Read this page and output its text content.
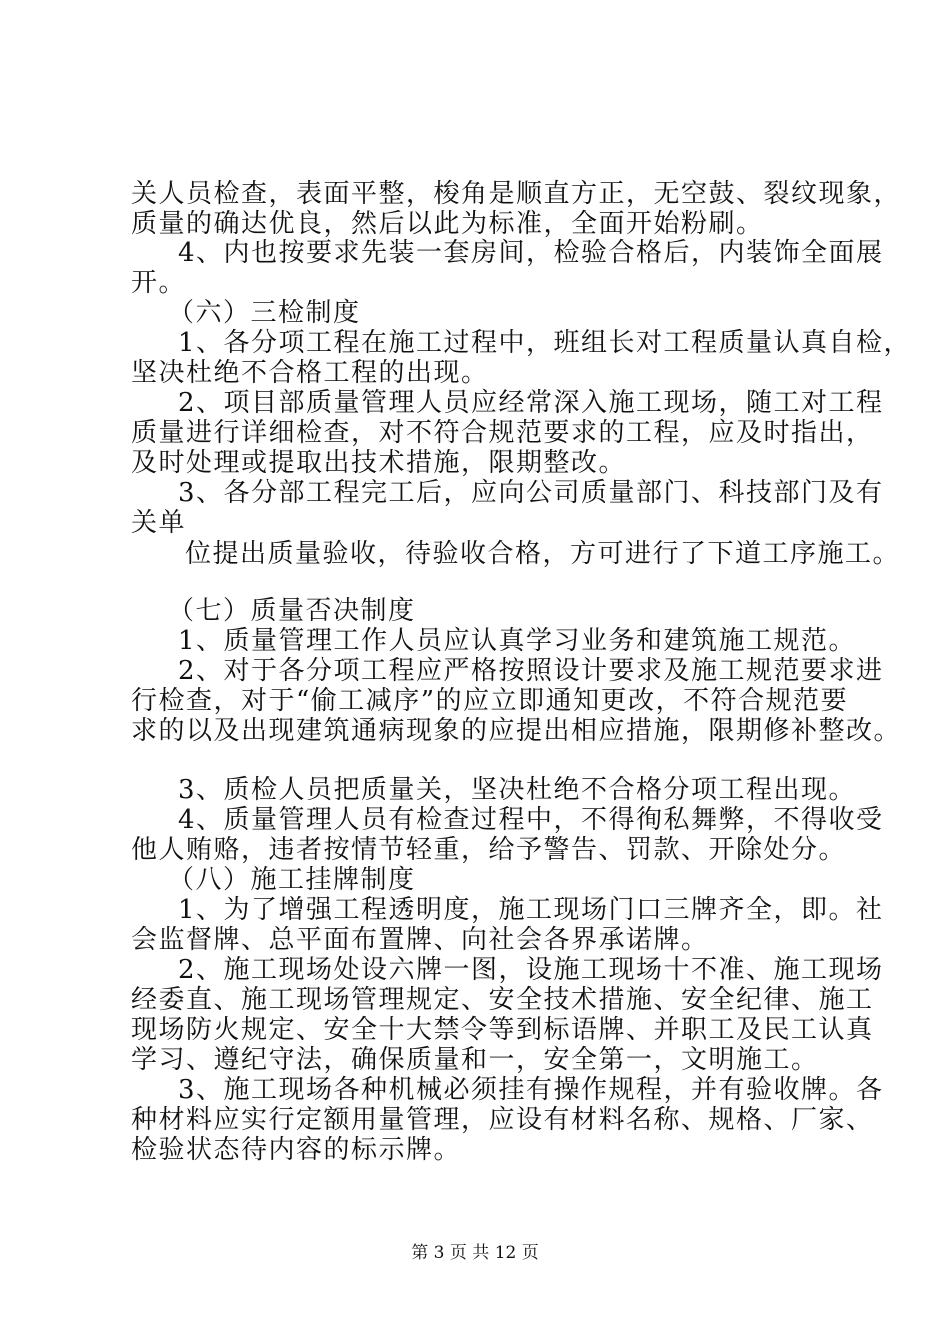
关人员检查，表面平整，梭角是顺直方正，无空鼓、裂纹现象，
质量的确达优良，然后以此为标准，全面开始粉刷。
4、内也按要求先装一套房间，检验合格后，内装饰全面展
开。
（六）三检制度
1、各分项工程在施工过程中，班组长对工程质量认真自检，
坚决杜绝不合格工程的出现。
2、项目部质量管理人员应经常深入施工现场，随工对工程
质量进行详细检查，对不符合规范要求的工程，应及时指出，
及时处理或提取出技术措施，限期整改。
3、各分部工程完工后，应向公司质量部门、科技部门及有
关单
位提出质量验收，待验收合格，方可进行了下道工序施工。
（七）质量否决制度
1、质量管理工作人员应认真学习业务和建筑施工规范。
2、对于各分项工程应严格按照设计要求及施工规范要求进
行检查，对于“偷工减序”的应立即通知更改，不符合规范要
求的以及出现建筑通病现象的应提出相应措施，限期修补整改。
3、质检人员把质量关，坚决杜绝不合格分项工程出现。
4、质量管理人员有检查过程中，不得徇私舞弊，不得收受
他人贿赂，违者按情节轻重，给予警告、罚款、开除处分。
（八）施工挂牌制度
1、为了增强工程透明度，施工现场门口三牌齐全，即。社
会监督牌、总平面布置牌、向社会各界承诺牌。
2、施工现场处设六牌一图，设施工现场十不准、施工现场
经委直、施工现场管理规定、安全技术措施、安全纪律、施工
现场防火规定、安全十大禁令等到标语牌、并职工及民工认真
学习、遵纪守法，确保质量和一，安全第一，文明施工。
3、施工现场各种机械必须挂有操作规程，并有验收牌。各
种材料应实行定额用量管理，应设有材料名称、规格、厂家、
检验状态待内容的标示牌。
第 3 页 共 12 页
